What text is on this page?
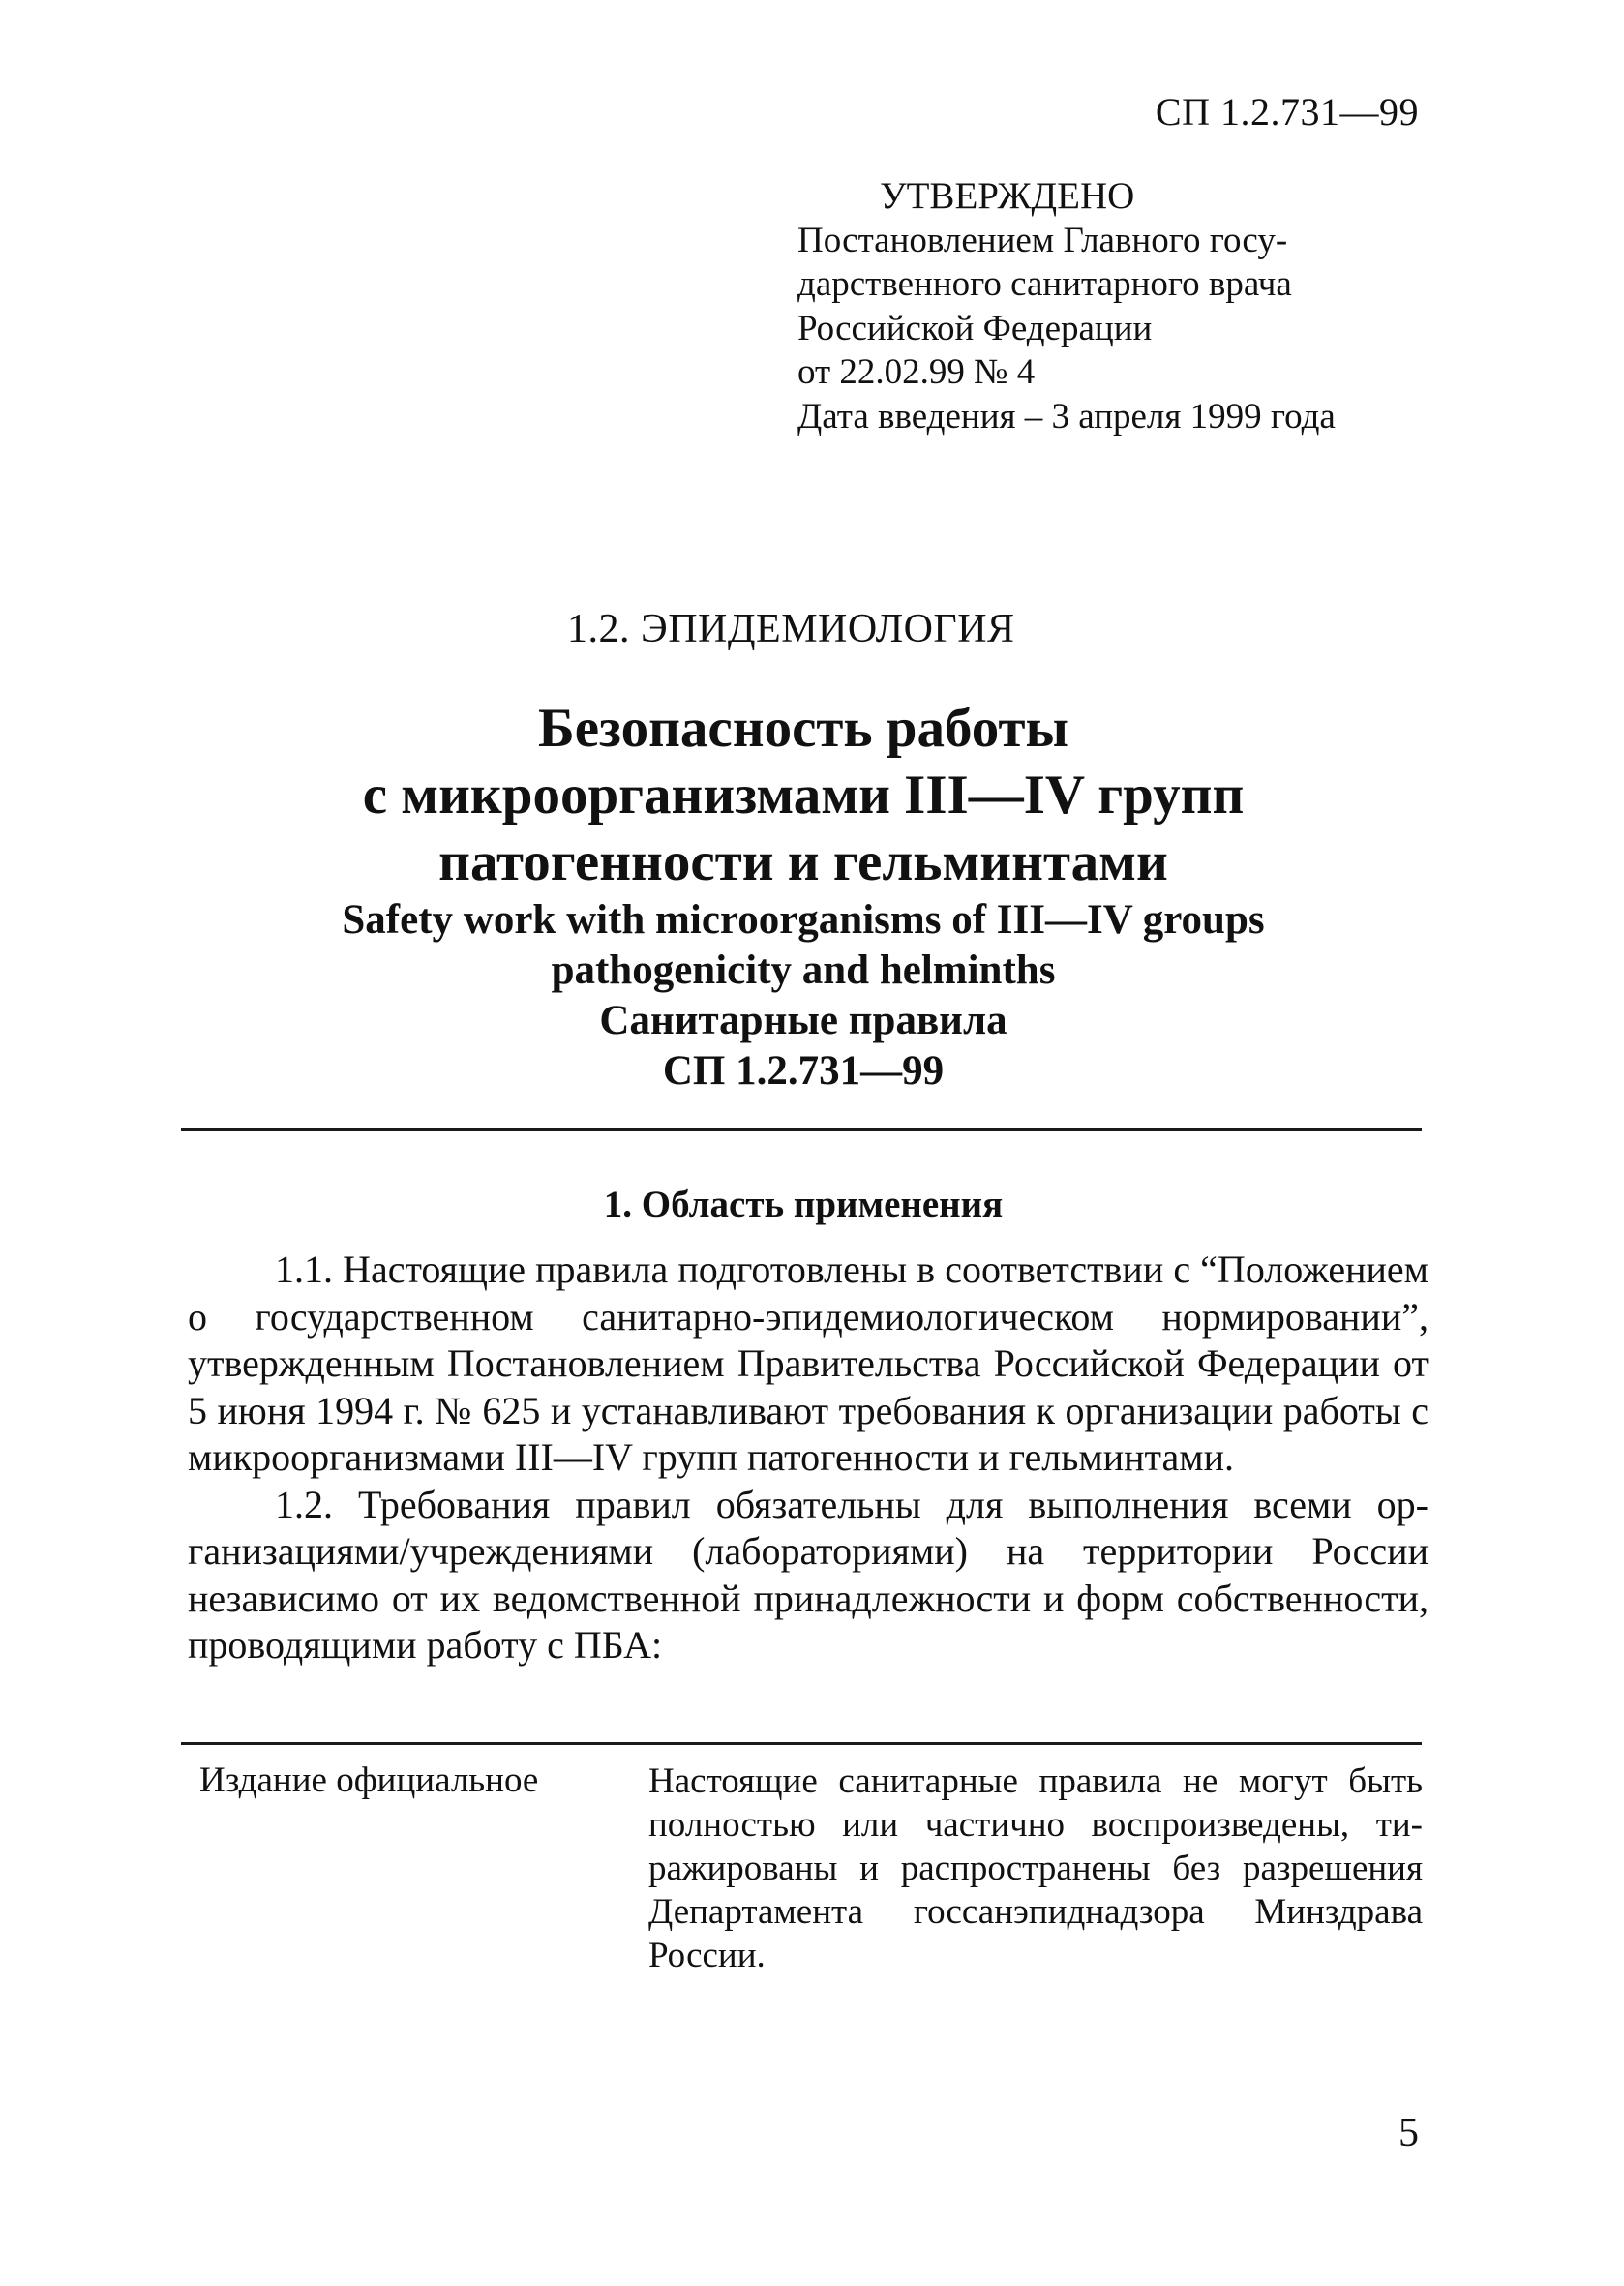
СП 1.2.731—99
УТВЕРЖДЕНО
Постановлением Главного госу-
дарственного санитарного врача
Российской Федерации
от 22.02.99 № 4
Дата введения – 3 апреля 1999 года
1.2. ЭПИДЕМИОЛОГИЯ
Безопасность работы
с микроорганизмами III—IV групп
патогенности и гельминтами
Safety work with microorganisms of III—IV groups
pathogenicity and helminths
Санитарные правила
СП 1.2.731—99
1. Область применения

1.1. Настоящие правила подготовлены в соответствии с “Положением о государственном санитарно-эпидемиологическом нормировании”, утвержденным Постановлением Правительства Российской Федерации от 5 июня 1994 г. № 625 и устанавливают требования к организации работы с микроорганизмами III—IV групп патогенности и гельминтами.

1.2. Требования правил обязательны для выполнения всеми организациями/учреждениями (лабораториями) на территории России независимо от их ведомственной принадлежности и форм собственности, проводящими работу с ПБА:

Издание официальное	Настоящие санитарные правила не могут быть полностью или частично воспроизведены, тиражированы и распространены без разрешения Департамента госсанэпиднадзора Минздрава России.
5
